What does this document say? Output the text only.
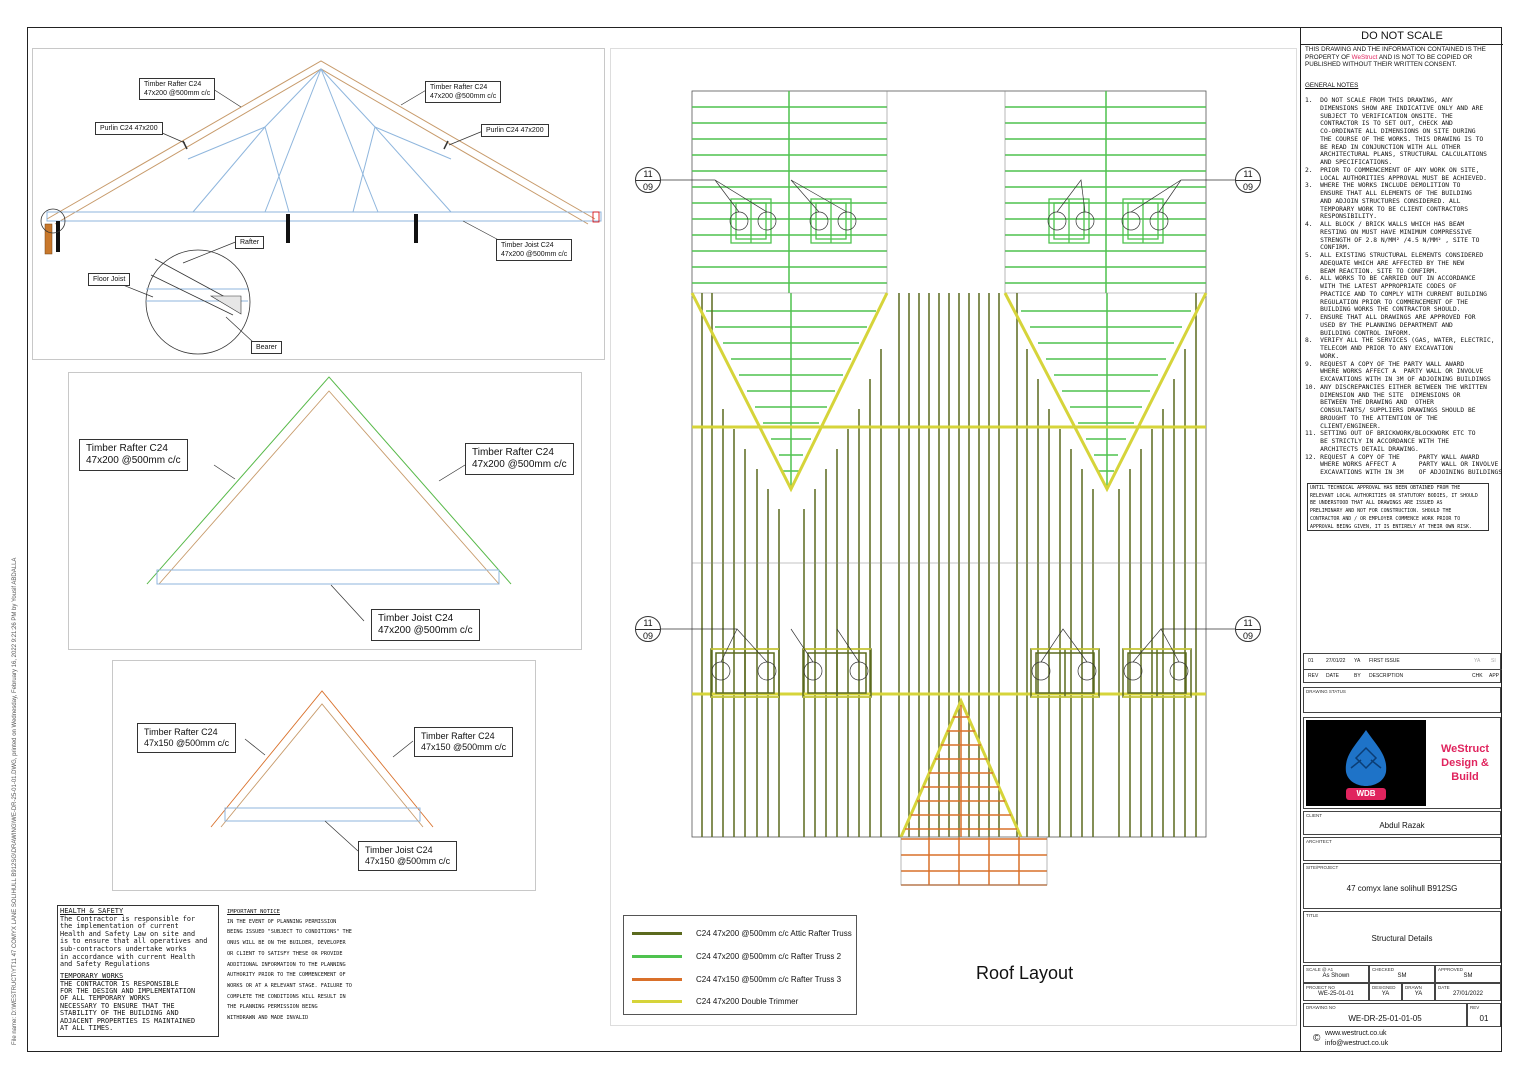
File name: D:\WESTRUCT\YT11 47 COMYX LANE SOLIHULL B912SG\DRAWING\WE-DR-25-01-01.DWG, printed on Wednesday, February 16, 2022 9:21:26 PM by Yousif ABDALLA
Timber Rafter C24
47x200 @500mm c/c
Timber Rafter C24
47x200 @500mm c/c
Purlin C24 47x200	Purlin C24 47x200
Timber Joist C24
47x200 @500mm c/c
Rafter
Floor Joist
Bearer
Timber Rafter C24
47x200 @500mm c/c
Timber Rafter C24
47x200 @500mm c/c
Timber Joist C24
47x200 @500mm c/c
Timber Rafter C24
47x150 @500mm c/c
Timber Rafter C24
47x150 @500mm c/c
Timber Joist C24
47x150 @500mm c/c
HEALTH & SAFETY
The Contractor is responsible for
the implementation of current
Health and Safety Law on site and
is to ensure that all operatives and
sub-contractors undertake works
in accordance with current Health
and Safety Regulations
TEMPORARY WORKS
THE CONTRACTOR IS RESPONSIBLE
FOR THE DESIGN AND IMPLEMENTATION
OF ALL TEMPORARY WORKS
NECESSARY TO ENSURE THAT THE
STABILITY OF THE BUILDING AND
ADJACENT PROPERTIES IS MAINTAINED
AT ALL TIMES.
IMPORTANT NOTICE
IN THE EVENT OF PLANNING PERMISSION
BEING ISSUED "SUBJECT TO CONDITIONS" THE
ONUS WILL BE ON THE BUILDER, DEVELOPER
OR CLIENT TO SATISFY THESE OR PROVIDE
ADDITIONAL INFORMATION TO THE PLANNING
AUTHORITY PRIOR TO THE COMMENCEMENT OF
WORKS OR AT A RELEVANT STAGE. FAILURE TO
COMPLETE THE CONDITIONS WILL RESULT IN
THE PLANNING PERMISSION BEING
WITHDRAWN AND MADE INVALID
11
09
11
09
11
09
11
09
C24 47x200 @500mm c/c Attic Rafter Truss
C24 47x200 @500mm c/c Rafter Truss 2
C24 47x150 @500mm c/c Rafter Truss 3
C24 47x200 Double Trimmer
Roof Layout
DO NOT SCALE
THIS DRAWING AND THE INFORMATION CONTAINED IS THE
PROPERTY OF WeStruct AND IS NOT TO BE COPIED OR
PUBLISHED WITHOUT THEIR WRITTEN CONSENT.
GENERAL NOTES
1.  DO NOT SCALE FROM THIS DRAWING, ANY
DIMENSIONS SHOW ARE INDICATIVE ONLY AND ARE
SUBJECT TO VERIFICATION ONSITE. THE
CONTRACTOR IS TO SET OUT, CHECK AND
CO-ORDINATE ALL DIMENSIONS ON SITE DURING
THE COURSE OF THE WORKS. THIS DRAWING IS TO
BE READ IN CONJUNCTION WITH ALL OTHER
ARCHITECTURAL PLANS, STRUCTURAL CALCULATIONS
AND SPECIFICATIONS.
2.  PRIOR TO COMMENCEMENT OF ANY WORK ON SITE,
LOCAL AUTHORITIES APPROVAL MUST BE ACHIEVED.
3.  WHERE THE WORKS INCLUDE DEMOLITION TO
ENSURE THAT ALL ELEMENTS OF THE BUILDING
AND ADJOIN STRUCTURES CONSIDERED. ALL
TEMPORARY WORK TO BE CLIENT CONTRACTORS
RESPONSIBILITY.
4.  ALL BLOCK / BRICK WALLS WHICH HAS BEAM
RESTING ON MUST HAVE MINIMUM COMPRESSIVE
STRENGTH OF 2.8 N/MM² /4.5 N/MM² , SITE TO
CONFIRM.
5.  ALL EXISTING STRUCTURAL ELEMENTS CONSIDERED
ADEQUATE WHICH ARE AFFECTED BY THE NEW
BEAM REACTION. SITE TO CONFIRM.
6.  ALL WORKS TO BE CARRIED OUT IN ACCORDANCE
WITH THE LATEST APPROPRIATE CODES OF
PRACTICE AND TO COMPLY WITH CURRENT BUILDING
REGULATION PRIOR TO COMMENCEMENT OF THE
BUILDING WORKS THE CONTRACTOR SHOULD.
7.  ENSURE THAT ALL DRAWINGS ARE APPROVED FOR
USED BY THE PLANNING DEPARTMENT AND
BUILDING CONTROL INFORM.
8.  VERIFY ALL THE SERVICES (GAS, WATER, ELECTRIC,
TELECOM AND PRIOR TO ANY EXCAVATION
WORK.
9.  REQUEST A COPY OF THE PARTY WALL AWARD
WHERE WORKS AFFECT A  PARTY WALL OR INVOLVE
EXCAVATIONS WITH IN 3M OF ADJOINING BUILDINGS
10. ANY DISCREPANCIES EITHER BETWEEN THE WRITTEN
DIMENSION AND THE SITE  DIMENSIONS OR
BETWEEN THE DRAWING AND  OTHER
CONSULTANTS/ SUPPLIERS DRAWINGS SHOULD BE
BROUGHT TO THE ATTENTION OF THE
CLIENT/ENGINEER.
11. SETTING OUT OF BRICKWORK/BLOCKWORK ETC TO
BE STRICTLY IN ACCORDANCE WITH THE
ARCHITECTS DETAIL DRAWING.
12. REQUEST A COPY OF THE     PARTY WALL AWARD
WHERE WORKS AFFECT A      PARTY WALL OR INVOLVE
EXCAVATIONS WITH IN 3M    OF ADJOINING BUILDINGS
UNTIL TECHNICAL APPROVAL HAS BEEN OBTAINED FROM THE
RELEVANT LOCAL AUTHORITIES OR STATUTORY BODIES, IT SHOULD
BE UNDERSTOOD THAT ALL DRAWINGS ARE ISSUED AS
PRELIMINARY AND NOT FOR CONSTRUCTION. SHOULD THE
CONTRACTOR AND / OR EMPLOYER COMMENCE WORK PRIOR TO
APPROVAL BEING GIVEN, IT IS ENTIRELY AT THEIR OWN RISK.
01 27/01/22 YA FIRST ISSUE	YA SI
REV DATE	BY DESCRIPTION	CHK APP
DRAWING STATUS
WDB
WeStruct
Design &
Build
CLIENT
Abdul Razak
ARCHITECT
SITE/PROJECT
47 comyx lane solihull B912SG
TITLE
Structural Details
SCALE @ A1
As Shown
CHECKED
SM
APPROVED
SM
PROJECT NO
WE-25-01-01
DESIGNED
YA
DRAWN
YA
DATE
27/01/2022
DRAWING NO
WE-DR-25-01-01-05
REV
01
© www.westruct.co.uk
info@westruct.co.uk
